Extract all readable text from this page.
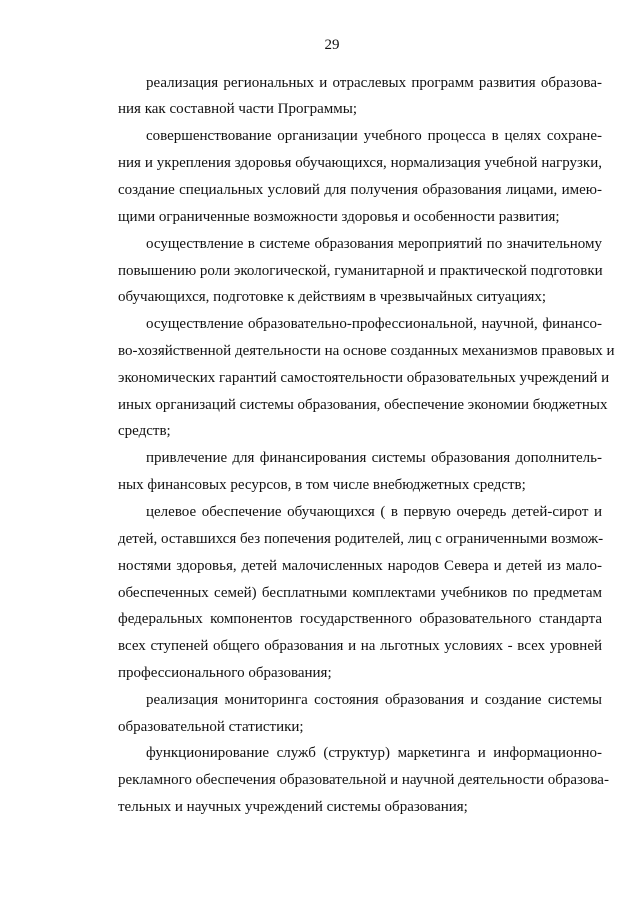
29
реализация региональных и отраслевых программ развития образова-
ния как составной части Программы;
совершенствование организации учебного процесса в целях сохране-
ния и укрепления здоровья обучающихся, нормализация учебной нагрузки,
создание специальных условий для получения образования лицами, имею-
щими ограниченные возможности здоровья и особенности развития;
осуществление в системе образования мероприятий по значительному
повышению роли экологической, гуманитарной и практической подготовки
обучающихся, подготовке к действиям в чрезвычайных ситуациях;
осуществление образовательно-профессиональной, научной, финансо-
во-хозяйственной деятельности на основе созданных механизмов правовых и
экономических гарантий самостоятельности образовательных учреждений и
иных организаций системы образования, обеспечение экономии бюджетных
средств;
привлечение для финансирования системы образования дополнитель-
ных финансовых ресурсов, в том числе внебюджетных средств;
целевое обеспечение обучающихся ( в первую очередь детей-сирот и
детей, оставшихся без попечения родителей, лиц с ограниченными возмож-
ностями здоровья, детей малочисленных народов Севера и детей из мало-
обеспеченных семей) бесплатными комплектами учебников по предметам
федеральных компонентов государственного образовательного стандарта
всех ступеней общего образования и на льготных условиях - всех уровней
профессионального образования;
реализация мониторинга состояния образования и создание системы
образовательной статистики;
функционирование служб (структур) маркетинга и информационно-
рекламного обеспечения образовательной и научной деятельности образова-
тельных и научных учреждений системы образования;
